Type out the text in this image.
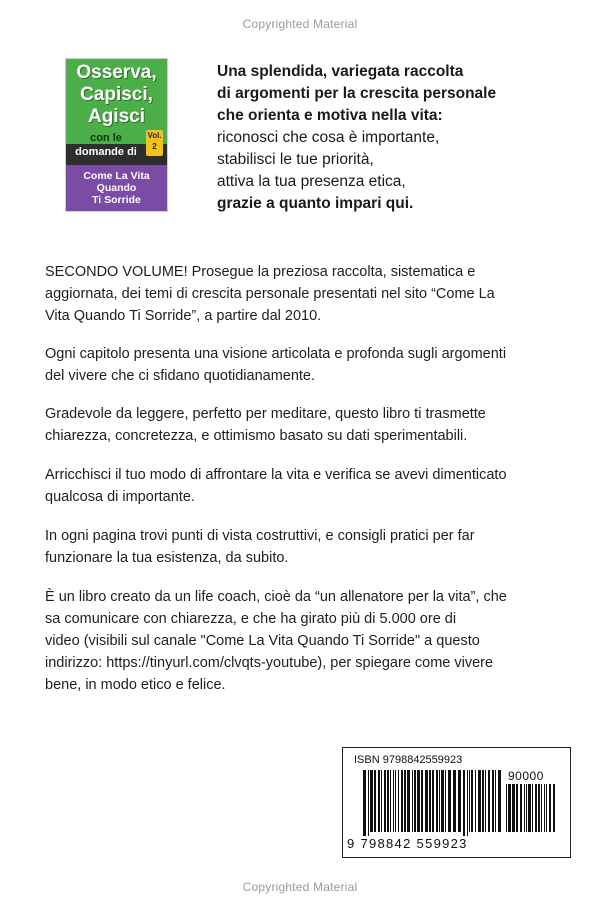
Copyrighted Material
Osserva,
Capisci,
Agisci
con le
domande di
Vol.
2
Come La Vita
Quando
Ti Sorride
Una splendida, variegata raccolta
di argomenti per la crescita personale
che orienta e motiva nella vita:
riconosci che cosa è importante,
stabilisci le tue priorità,
attiva la tua presenza etica,
grazie a quanto impari qui.
SECONDO VOLUME! Prosegue la preziosa raccolta, sistematica e
aggiornata, dei temi di crescita personale presentati nel sito “Come La
Vita Quando Ti Sorride”, a partire dal 2010.
Ogni capitolo presenta una visione articolata e profonda sugli argomenti
del vivere che ci sfidano quotidianamente.
Gradevole da leggere, perfetto per meditare, questo libro ti trasmette
chiarezza, concretezza, e ottimismo basato su dati sperimentabili.
Arricchisci il tuo modo di affrontare la vita e verifica se avevi dimenticato
qualcosa di importante.
In ogni pagina trovi punti di vista costruttivi, e consigli pratici per far
funzionare la tua esistenza, da subito.
È un libro creato da un life coach, cioè da “un allenatore per la vita”, che
sa comunicare con chiarezza, e che ha girato più di 5.000 ore di
video (visibili sul canale "Come La Vita Quando Ti Sorride" a questo
indirizzo: https://tinyurl.com/clvqts-youtube), per spiegare come vivere
bene, in modo etico e felice.
ISBN 9798842559923
90000
9 798842 559923
Copyrighted Material
